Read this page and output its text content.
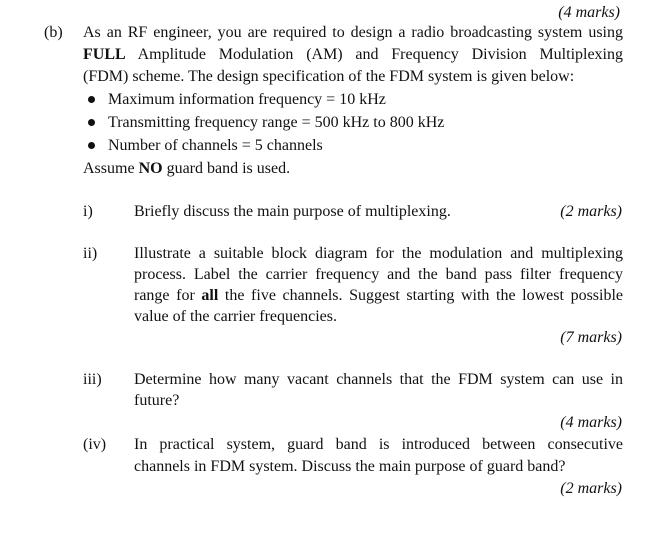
(4 marks)
(b) As an RF engineer, you are required to design a radio broadcasting system using
FULL Amplitude Modulation (AM) and Frequency Division Multiplexing
(FDM) scheme. The design specification of the FDM system is given below:
Maximum information frequency = 10 kHz
Transmitting frequency range = 500 kHz to 800 kHz
Number of channels = 5 channels
Assume NO guard band is used.
i)	Briefly discuss the main purpose of multiplexing.	(2 marks)
ii) Illustrate a suitable block diagram for the modulation and multiplexing
process. Label the carrier frequency and the band pass filter frequency
range for all the five channels. Suggest starting with the lowest possible
value of the carrier frequencies.
(7 marks)
iii) Determine how many vacant channels that the FDM system can use in
future?
(4 marks)
(iv) In practical system, guard band is introduced between consecutive
channels in FDM system. Discuss the main purpose of guard band?
(2 marks)
